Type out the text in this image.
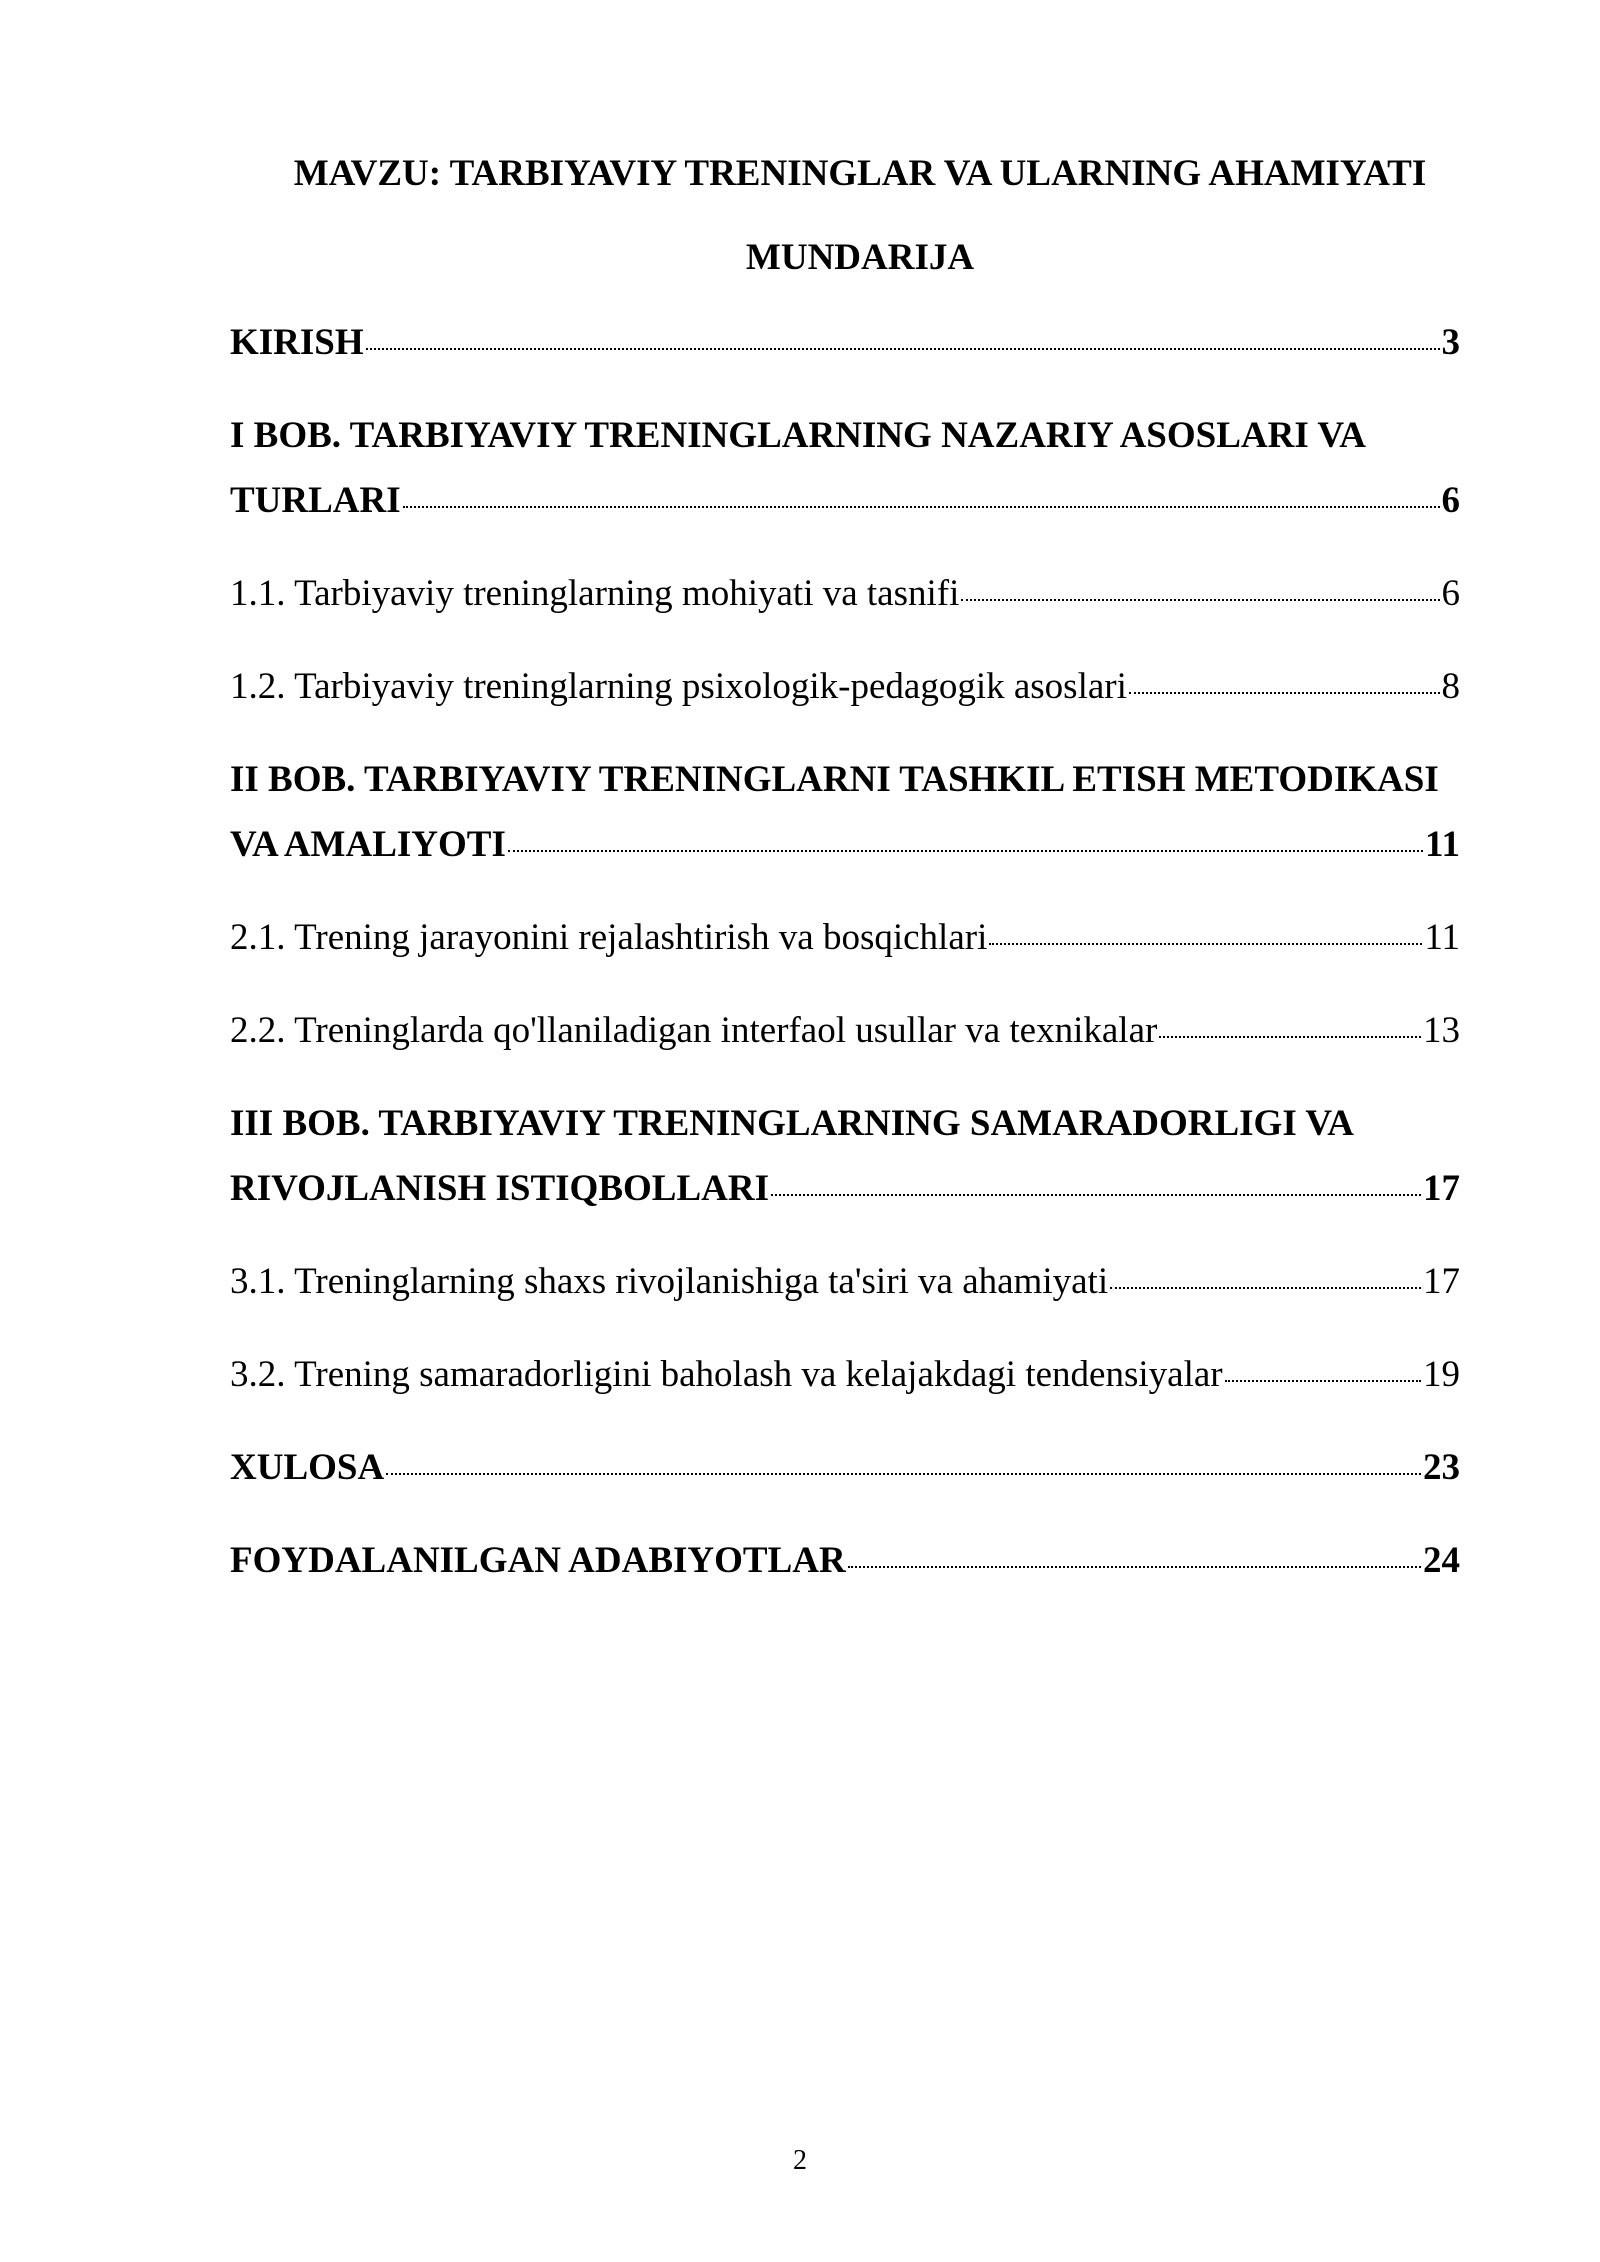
MAVZU: TARBIYAVIY TRENINGLAR VA ULARNING AHAMIYATI
MUNDARIJA
KIRISH	3
I BOB. TARBIYAVIY TRENINGLARNING NAZARIY ASOSLARI VA
TURLARI	6
1.1. Tarbiyaviy treninglarning mohiyati va tasnifi	6
1.2. Tarbiyaviy treninglarning psixologik-pedagogik asoslari	8
II BOB. TARBIYAVIY TRENINGLARNI TASHKIL ETISH METODIKASI
VA AMALIYOTI	11
2.1. Trening jarayonini rejalashtirish va bosqichlari	11
2.2. Treninglarda qo'llaniladigan interfaol usullar va texnikalar	13
III BOB. TARBIYAVIY TRENINGLARNING SAMARADORLIGI VA
RIVOJLANISH ISTIQBOLLARI	17
3.1. Treninglarning shaxs rivojlanishiga ta'siri va ahamiyati	17
3.2. Trening samaradorligini baholash va kelajakdagi tendensiyalar	19
XULOSA	23
FOYDALANILGAN ADABIYOTLAR	24
2
